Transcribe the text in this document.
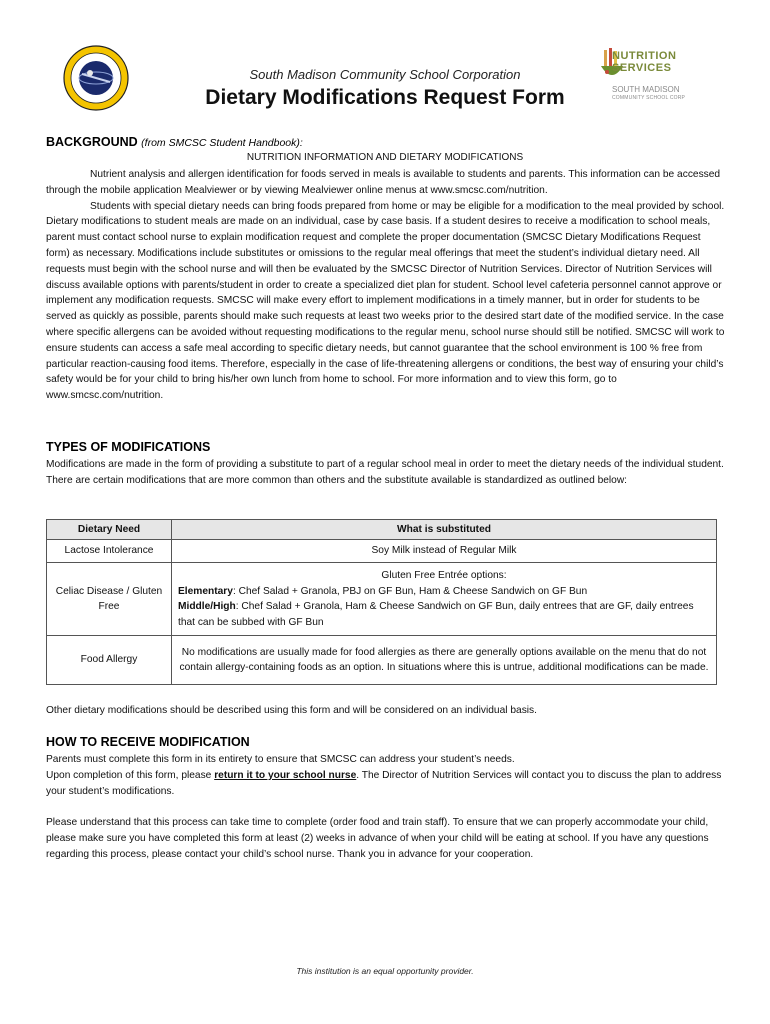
NUTRITION SERVICES
SOUTH MADISON
COMMUNITY SCHOOL CORP
South Madison Community School Corporation
Dietary Modifications Request Form
BACKGROUND (from SMCSC Student Handbook):
NUTRITION INFORMATION AND DIETARY MODIFICATIONS
Nutrient analysis and allergen identification for foods served in meals is available to students and parents. This information can be accessed through the mobile application Mealviewer or by viewing Mealviewer online menus at www.smcsc.com/nutrition.
Students with special dietary needs can bring foods prepared from home or may be eligible for a modification to the meal provided by school. Dietary modifications to student meals are made on an individual, case by case basis. If a student desires to receive a modification to school meals, parent must contact school nurse to explain modification request and complete the proper documentation (SMCSC Dietary Modifications Request form) as necessary. Modifications include substitutes or omissions to the regular meal offerings that meet the student’s individual dietary need. All requests must begin with the school nurse and will then be evaluated by the SMCSC Director of Nutrition Services. Director of Nutrition Services will discuss available options with parents/student in order to create a specialized diet plan for student. School level cafeteria personnel cannot approve or implement any modification requests. SMCSC will make every effort to implement modifications in a timely manner, but in order for students to be served as quickly as possible, parents should make such requests at least two weeks prior to the desired start date of the modified service. In the case where specific allergens can be avoided without requesting modifications to the regular menu, school nurse should still be notified. SMCSC will work to ensure students can access a safe meal according to specific dietary needs, but cannot guarantee that the school environment is 100 % free from particular reaction-causing food items. Therefore, especially in the case of life-threatening allergens or conditions, the best way of ensuring your child’s safety would be for your child to bring his/her own lunch from home to school. For more information and to view this form, go to www.smcsc.com/nutrition.
TYPES OF MODIFICATIONS
Modifications are made in the form of providing a substitute to part of a regular school meal in order to meet the dietary needs of the individual student. There are certain modifications that are more common than others and the substitute available is standardized as outlined below:
Dietary Need	What is substituted
Lactose Intolerance	Soy Milk instead of Regular Milk
Celiac Disease / Gluten Free	Gluten Free Entrée options:
Elementary: Chef Salad + Granola, PBJ on GF Bun, Ham & Cheese Sandwich on GF Bun
Middle/High: Chef Salad + Granola, Ham & Cheese Sandwich on GF Bun, daily entrees that are GF, daily entrees that can be subbed with GF Bun
Food Allergy	No modifications are usually made for food allergies as there are generally options available on the menu that do not contain allergy-containing foods as an option. In situations where this is untrue, additional modifications can be made.
Other dietary modifications should be described using this form and will be considered on an individual basis.
HOW TO RECEIVE MODIFICATION
Parents must complete this form in its entirety to ensure that SMCSC can address your student’s needs.
Upon completion of this form, please return it to your school nurse. The Director of Nutrition Services will contact you to discuss the plan to address your student’s modifications.
Please understand that this process can take time to complete (order food and train staff). To ensure that we can properly accommodate your child, please make sure you have completed this form at least (2) weeks in advance of when your child will be eating at school. If you have any questions regarding this process, please contact your child’s school nurse. Thank you in advance for your cooperation.
This institution is an equal opportunity provider.
